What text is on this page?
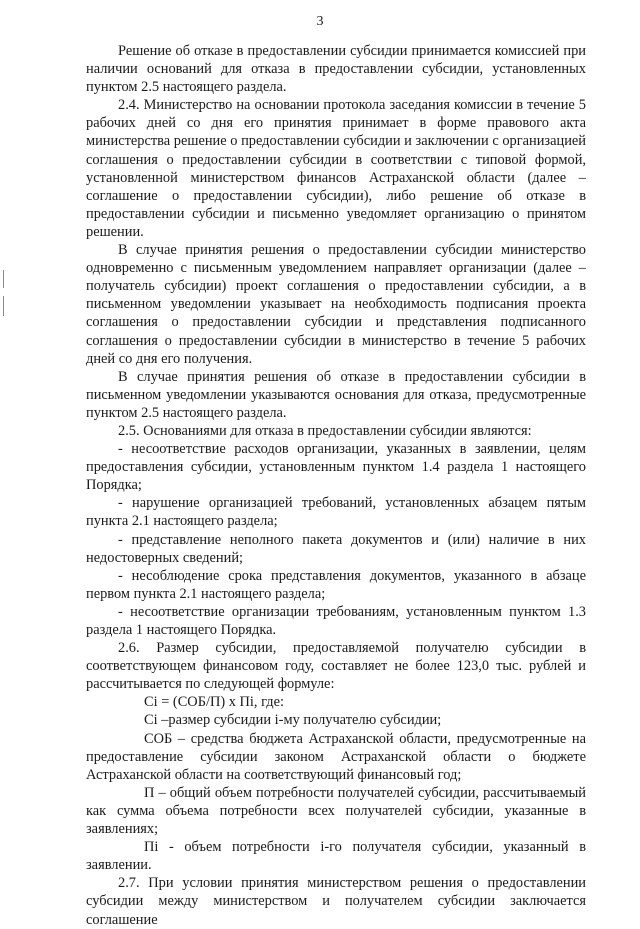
3

Решение об отказе в предоставлении субсидии принимается комиссией при наличии оснований для отказа в предоставлении субсидии, установленных пунктом 2.5 настоящего раздела.

2.4. Министерство на основании протокола заседания комиссии в течение 5 рабочих дней со дня его принятия принимает в форме правового акта министерства решение о предоставлении субсидии и заключении с организацией соглашения о предоставлении субсидии в соответствии с типовой формой, установленной министерством финансов Астраханской области (далее – соглашение о предоставлении субсидии), либо решение об отказе в предоставлении субсидии и письменно уведомляет организацию о принятом решении.

В случае принятия решения о предоставлении субсидии министерство одновременно с письменным уведомлением направляет организации (далее – получатель субсидии) проект соглашения о предоставлении субсидии, а в письменном уведомлении указывает на необходимость подписания проекта соглашения о предоставлении субсидии и представления подписанного соглашения о предоставлении субсидии в министерство в течение 5 рабочих дней со дня его получения.

В случае принятия решения об отказе в предоставлении субсидии в письменном уведомлении указываются основания для отказа, предусмотренные пунктом 2.5 настоящего раздела.

2.5. Основаниями для отказа в предоставлении субсидии являются:

- несоответствие расходов организации, указанных в заявлении, целям предоставления субсидии, установленным пунктом 1.4 раздела 1 настоящего Порядка;

- нарушение организацией требований, установленных абзацем пятым пункта 2.1 настоящего раздела;

- представление неполного пакета документов и (или) наличие в них недостоверных сведений;

- несоблюдение срока представления документов, указанного в абзаце первом пункта 2.1 настоящего раздела;

- несоответствие организации требованиям, установленным пунктом 1.3 раздела 1 настоящего Порядка.

2.6. Размер субсидии, предоставляемой получателю субсидии в соответствующем финансовом году, составляет не более 123,0 тыс. рублей и рассчитывается по следующей формуле:

Ci = (СОБ/П) x Пi, где:

Ci –размер субсидии i-му получателю субсидии;

СОБ – средства бюджета Астраханской области, предусмотренные на предоставление субсидии законом Астраханской области о бюджете Астраханской области на соответствующий финансовый год;

П – общий объем потребности получателей субсидии, рассчитываемый как сумма объема потребности всех получателей субсидии, указанные в заявлениях;

Пi - объем потребности i-го получателя субсидии, указанный в заявлении.

2.7. При условии принятия министерством решения о предоставлении субсидии между министерством и получателем субсидии заключается соглашение
